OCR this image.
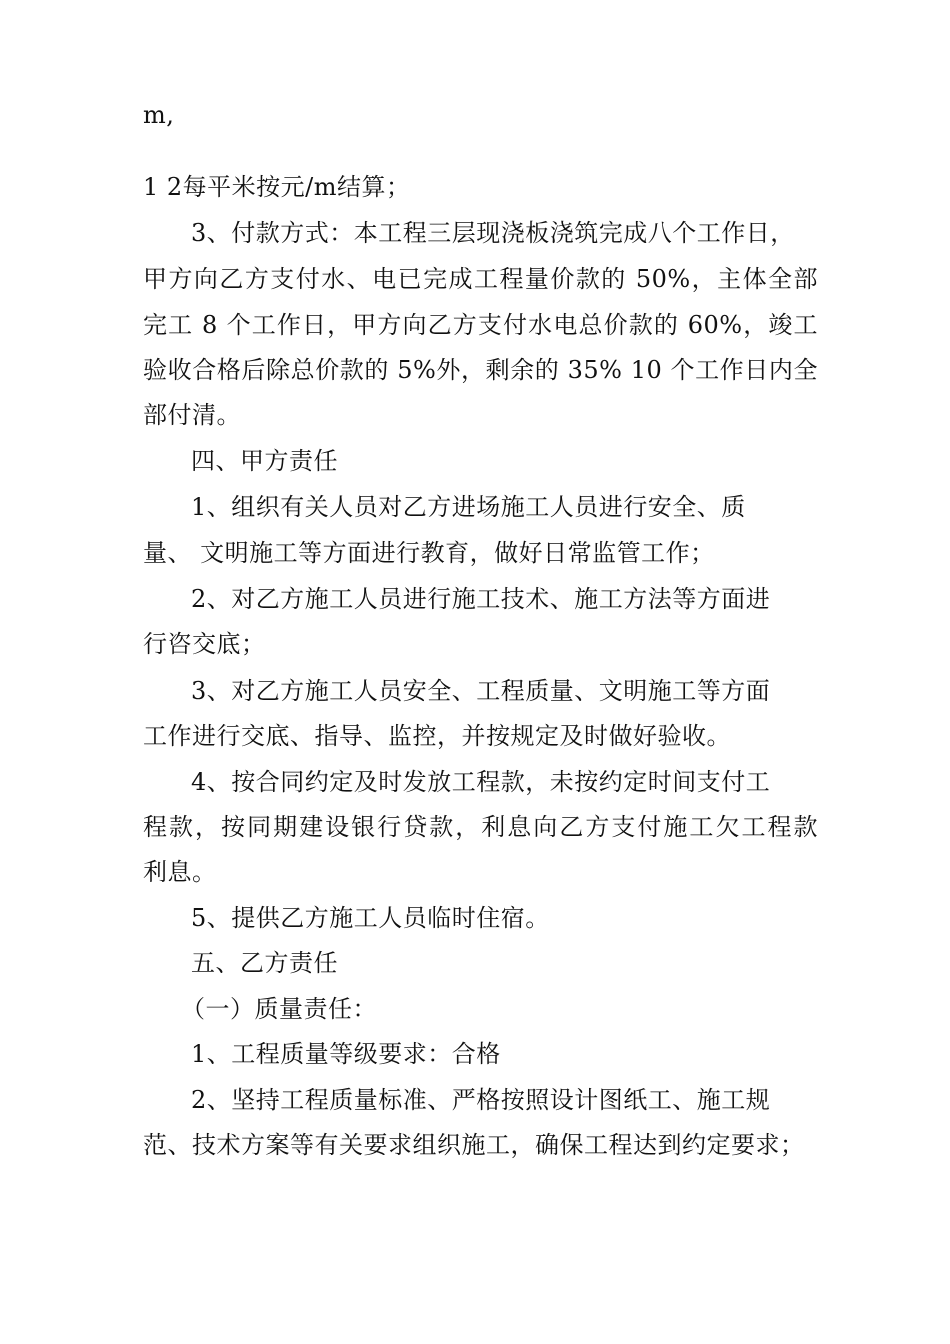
m,
1 2每平米按元/m结算；
3、付款方式：本工程三层现浇板浇筑完成八个工作日，
甲方向乙方支付水、电已完成工程量价款的 50%，主体全部
完工 8 个工作日，甲方向乙方支付水电总价款的 60%，竣工
验收合格后除总价款的 5%外，剩余的 35% 10 个工作日内全
部付清。
四、甲方责任
1、组织有关人员对乙方进场施工人员进行安全、质
量、 文明施工等方面进行教育，做好日常监管工作；
2、对乙方施工人员进行施工技术、施工方法等方面进
行咨交底；
3、对乙方施工人员安全、工程质量、文明施工等方面
工作进行交底、指导、监控，并按规定及时做好验收。
4、按合同约定及时发放工程款，未按约定时间支付工
程款，按同期建设银行贷款，利息向乙方支付施工欠工程款
利息。
5、提供乙方施工人员临时住宿。
五、乙方责任
（一）质量责任：
1、工程质量等级要求：合格
2、坚持工程质量标准、严格按照设计图纸工、施工规
范、技术方案等有关要求组织施工，确保工程达到约定要求；
